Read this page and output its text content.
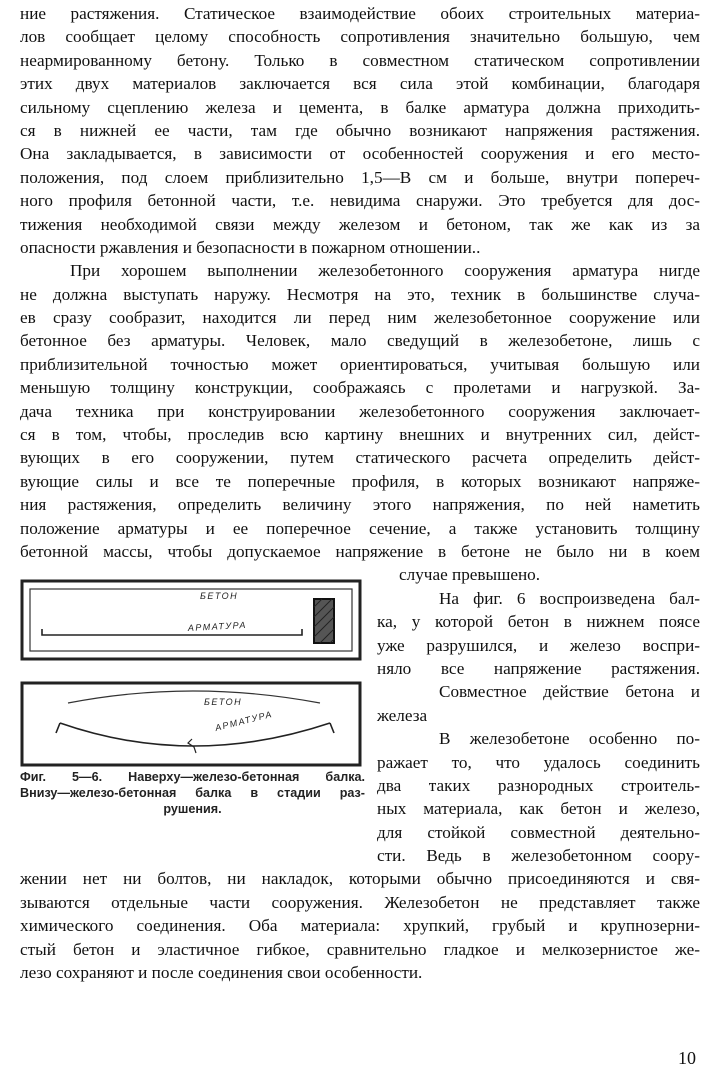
ние растяжения. Статическое взаимодействие обоих строительных материа-
лов сообщает целому способность сопротивления значительно большую, чем
неармированному бетону. Только в совместном статическом сопротивлении
этих двух материалов заключается вся сила этой комбинации, благодаря
сильному сцеплению железа и цемента, в балке арматура должна приходить-
ся в нижней ее части, там где обычно возникают напряжения растяжения.
Она закладывается, в зависимости от особенностей сооружения и его место-
положения, под слоем приблизительно 1,5—В см и больше, внутри попереч-
ного профиля бетонной части, т.е. невидима снаружи. Это требуется для дос-
тижения необходимой связи между железом и бетоном, так же как из за
опасности ржавления и безопасности в пожарном отношении..
При хорошем выполнении железобетонного сооружения арматура нигде
не должна выступать наружу. Несмотря на это, техник в большинстве случа-
ев сразу сообразит, находится ли перед ним железобетонное сооружение или
бетонное без арматуры. Человек, мало сведущий в железобетоне, лишь с
приблизительной точностью может ориентироваться, учитывая большую или
меньшую толщину конструкции, соображаясь с пролетами и нагрузкой. За-
дача техника при конструировании железобетонного сооружения заключает-
ся в том, чтобы, проследив всю картину внешних и внутренних сил, дейст-
вующих в его сооружении, путем статического расчета определить дейст-
вующие силы и все те поперечные профиля, в которых возникают напряже-
ния растяжения, определить величину этого напряжения, по ней наметить
положение арматуры и ее поперечное сечение, а также установить толщину
бетонной массы, чтобы допускаемое напряжение в бетоне не было ни в коем
БЕТОН
АРМАТУРА
БЕТОН
АРМАТУРА
Фиг. 5—6. Наверху—железо-бетонная балка.
Внизу—железо-бетонная балка в стадии раз-
рушения.
случае превышено.
На фиг. 6 воспроизведена бал-
ка, у которой бетон в нижнем поясе
уже разрушился, и железо воспри-
няло все напряжение растяжения.
Совместное действие бетона и
железа
В железобетоне особенно по-
ражает то, что удалось соединить
два таких разнородных строитель-
ных материала, как бетон и железо,
для стойкой совместной деятельно-
сти. Ведь в железобетонном соору-
жении нет ни болтов, ни накладок, которыми обычно присоединяются и свя-
зываются отдельные части сооружения. Железобетон не представляет также
химического соединения. Оба материала: хрупкий, грубый и крупнозерни-
стый бетон и эластичное гибкое, сравнительно гладкое и мелкозернистое же-
лезо сохраняют и после соединения свои особенности.
10
